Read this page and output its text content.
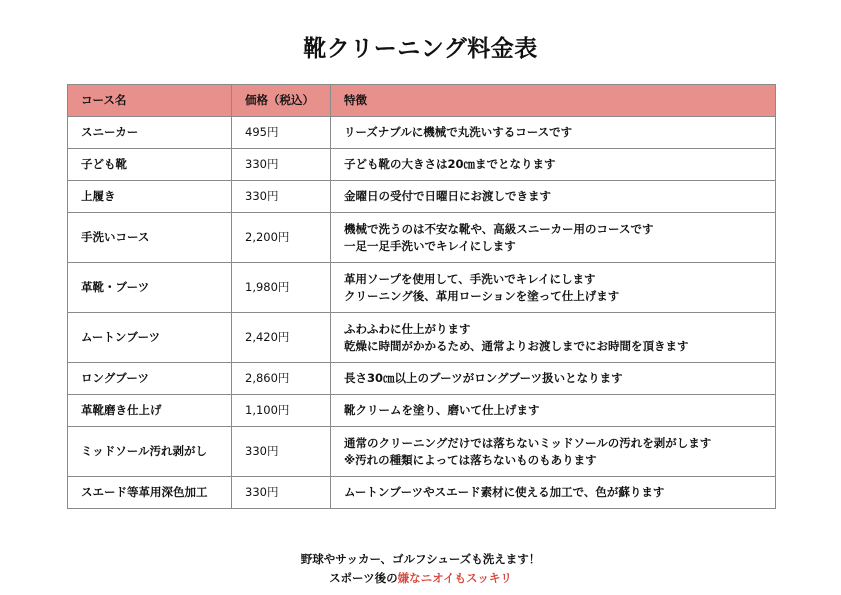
靴クリーニング料金表
コース名	価格（税込）	特徴
スニーカー	495円	リーズナブルに機械で丸洗いするコースです

子ども靴	330円	子ども靴の大きさは20㎝までとなります

上履き	330円	金曜日の受付で日曜日にお渡しできます

手洗いコース	2,200円	機械で洗うのは不安な靴や、高級スニーカー用のコースです
一足一足手洗いでキレイにします

革靴・ブーツ	1,980円	革用ソープを使用して、手洗いでキレイにします
クリーニング後、革用ローションを塗って仕上げます

ムートンブーツ	2,420円	ふわふわに仕上がります
乾燥に時間がかかるため、通常よりお渡しまでにお時間を頂きます

ロングブーツ	2,860円	長さ30㎝以上のブーツがロングブーツ扱いとなります

革靴磨き仕上げ	1,100円	靴クリームを塗り、磨いて仕上げます

ミッドソール汚れ剥がし	330円	通常のクリーニングだけでは落ちないミッドソールの汚れを剥がします
※汚れの種類によっては落ちないものもあります

スエード等革用深色加工	330円	ムートンブーツやスエード素材に使える加工で、色が蘇ります
野球やサッカー、ゴルフシューズも洗えます！
スポーツ後の嫌なニオイもスッキリ
